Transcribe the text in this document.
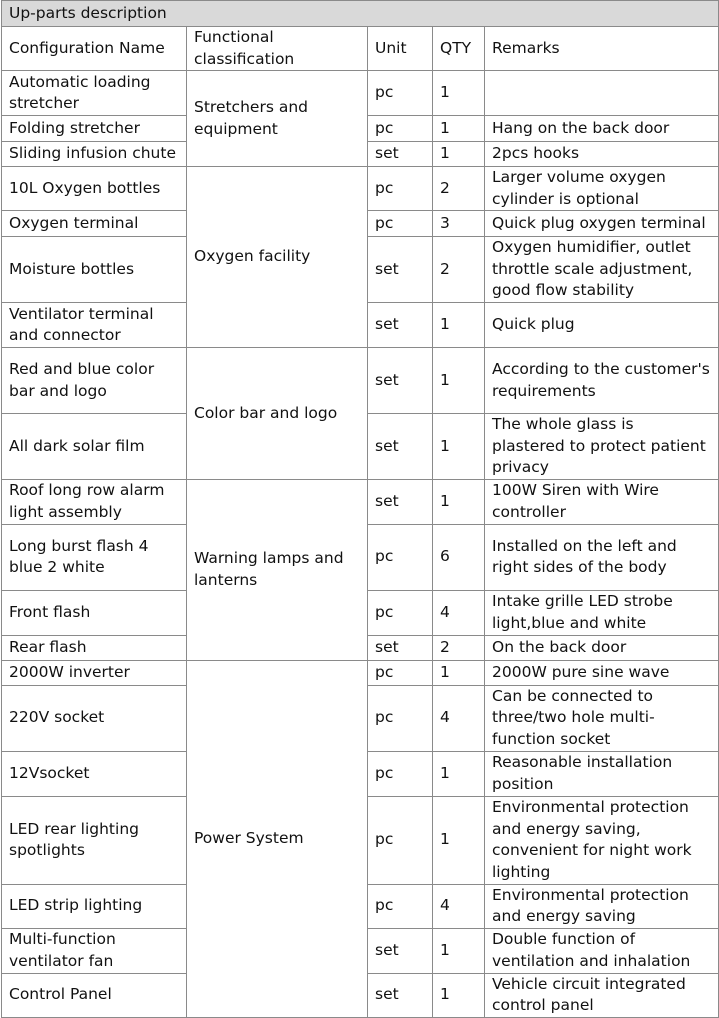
Up-parts description				
Configuration Name	Functional classification	Unit	QTY	Remarks
Automatic loading stretcher	Stretchers and equipment	pc	1	
Folding stretcher		pc	1	Hang on the back door
Sliding infusion chute		set	1	2pcs hooks
10L Oxygen bottles	Oxygen facility	pc	2	Larger volume oxygen cylinder is optional
Oxygen terminal		pc	3	Quick plug oxygen terminal
Moisture bottles		set	2	Oxygen humidifier, outlet throttle scale adjustment, good flow stability
Ventilator terminal and connector		set	1	Quick plug
Red and blue color bar and logo	Color bar and logo	set	1	According to the customer's requirements
All dark solar film		set	1	The whole glass is plastered to protect patient privacy
Roof long row alarm light assembly	Warning lamps and lanterns	set	1	100W Siren with Wire controller
Long burst flash 4 blue 2 white		pc	6	Installed on the left and right sides of the body
Front flash		pc	4	Intake grille LED strobe light,blue and white
Rear flash		set	2	On the back door
2000W inverter	Power System	pc	1	2000W pure sine wave
220V socket		pc	4	Can be connected to three/two hole multi-function socket
12Vsocket		pc	1	Reasonable installation position
LED rear lighting spotlights		pc	1	Environmental protection and energy saving, convenient for night work lighting
LED strip lighting		pc	4	Environmental protection and energy saving
Multi-function ventilator fan		set	1	Double function of ventilation and inhalation
Control Panel		set	1	Vehicle circuit integrated control panel
